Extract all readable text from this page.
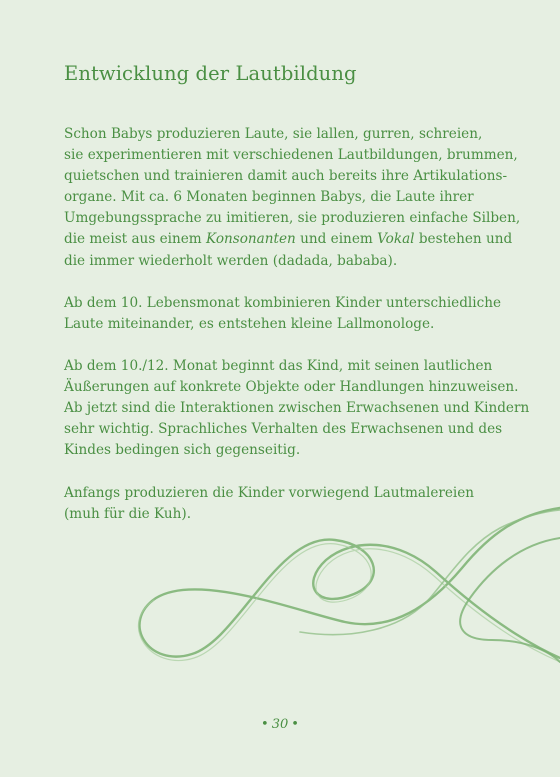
Entwicklung der Lautbildung

Schon Babys produzieren Laute, sie lallen, gurren, schreien,
sie experimentieren mit verschiedenen Lautbildungen, brummen,
quietschen und trainieren damit auch bereits ihre Artikulations-
organe. Mit ca. 6 Monaten beginnen Babys, die Laute ihrer
Umgebungssprache zu imitieren, sie produzieren einfache Silben,
die meist aus einem Konsonanten und einem Vokal bestehen und
die immer wiederholt werden (dadada, bababa).

Ab dem 10. Lebensmonat kombinieren Kinder unterschiedliche
Laute miteinander, es entstehen kleine Lallmonologe.

Ab dem 10./12. Monat beginnt das Kind, mit seinen lautlichen
Äußerungen auf konkrete Objekte oder Handlungen hinzuweisen.
Ab jetzt sind die Interaktionen zwischen Erwachsenen und Kindern
sehr wichtig. Sprachliches Verhalten des Erwachsenen und des
Kindes bedingen sich gegenseitig.

Anfangs produzieren die Kinder vorwiegend Lautmalereien
(muh für die Kuh).

• 30 •
